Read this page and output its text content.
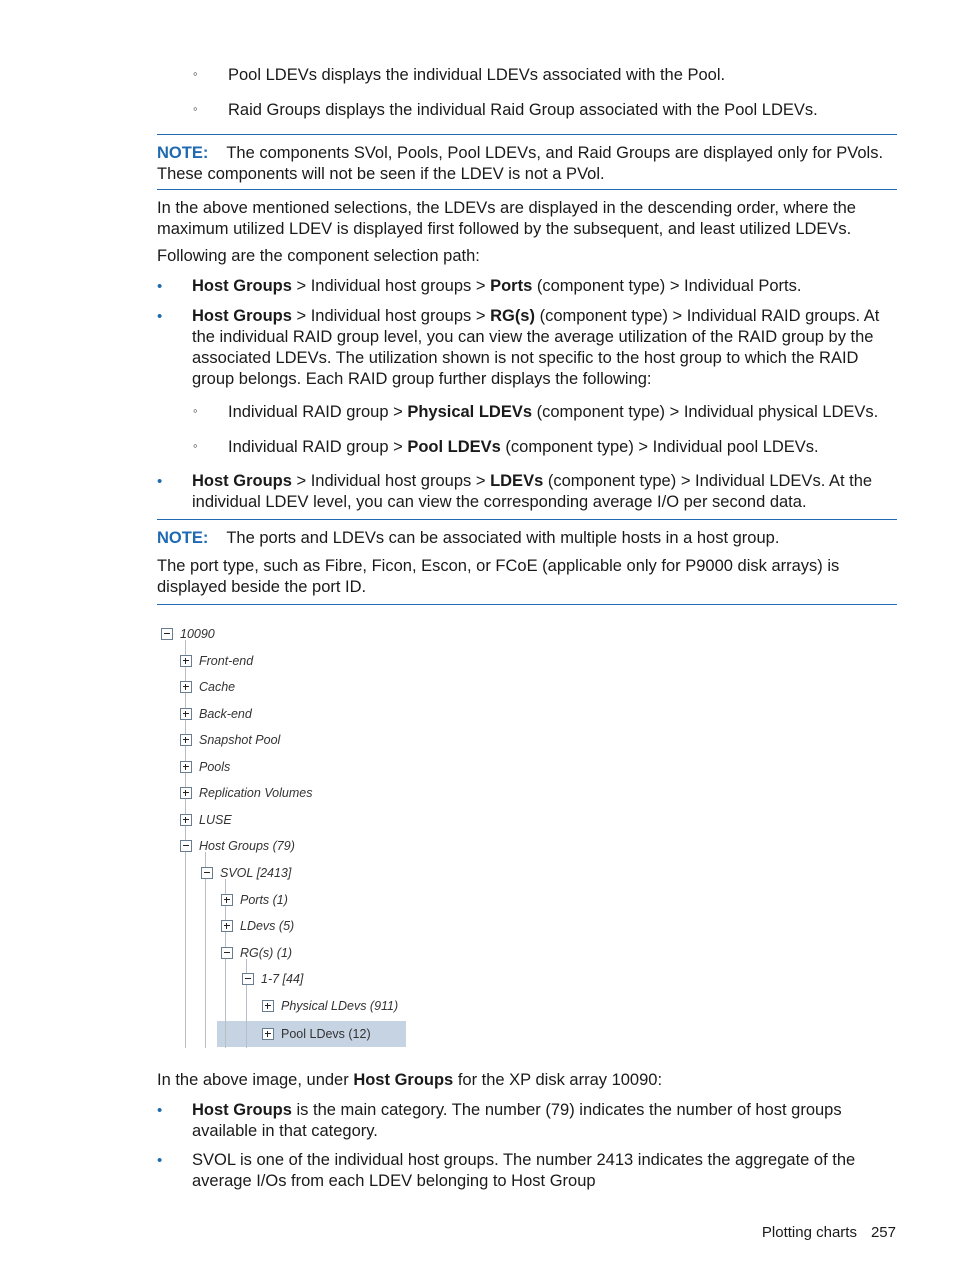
◦ Pool LDEVs displays the individual LDEVs associated with the Pool.
◦ Raid Groups displays the individual Raid Group associated with the Pool LDEVs.
NOTE: The components SVol, Pools, Pool LDEVs, and Raid Groups are displayed only for PVols.
These components will not be seen if the LDEV is not a PVol.
In the above mentioned selections, the LDEVs are displayed in the descending order, where the
maximum utilized LDEV is displayed first followed by the subsequent, and least utilized LDEVs.
Following are the component selection path:
• Host Groups > Individual host groups > Ports (component type) > Individual Ports.
• Host Groups > Individual host groups > RG(s) (component type) > Individual RAID groups. At the individual RAID group level, you can view the average utilization of the RAID group by the associated LDEVs. The utilization shown is not specific to the host group to which the RAID group belongs. Each RAID group further displays the following:
◦ Individual RAID group > Physical LDEVs (component type) > Individual physical LDEVs.
◦ Individual RAID group > Pool LDEVs (component type) > Individual pool LDEVs.
• Host Groups > Individual host groups > LDEVs (component type) > Individual LDEVs. At the individual LDEV level, you can view the corresponding average I/O per second data.
NOTE: The ports and LDEVs can be associated with multiple hosts in a host group.
The port type, such as Fibre, Ficon, Escon, or FCoE (applicable only for P9000 disk arrays) is displayed beside the port ID.
10090
Front-end
Cache
Back-end
Snapshot Pool
Pools
Replication Volumes
LUSE
Host Groups (79)
SVOL [2413]
Ports (1)
LDevs (5)
RG(s) (1)
1-7 [44]
Physical LDevs (911)
Pool LDevs (12)
In the above image, under Host Groups for the XP disk array 10090:
• Host Groups is the main category. The number (79) indicates the number of host groups available in that category.
• SVOL is one of the individual host groups. The number 2413 indicates the aggregate of the average I/Os from each LDEV belonging to Host Group
Plotting charts 257
